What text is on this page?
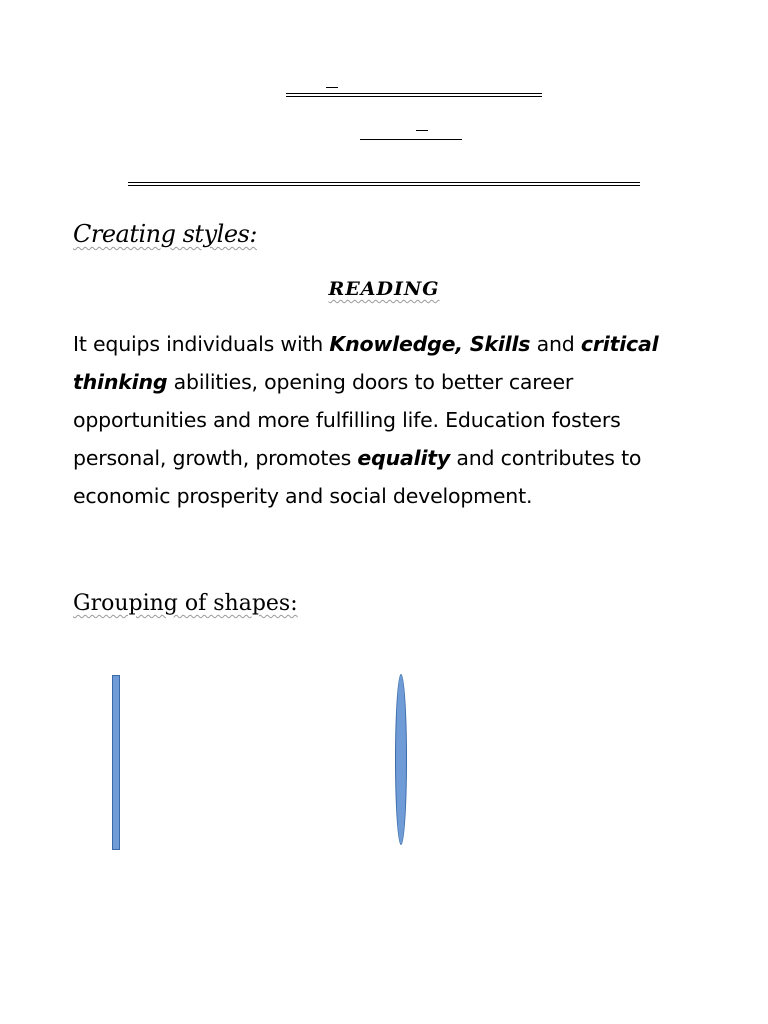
Creating styles:
READING

It equips individuals with Knowledge, Skills and critical thinking abilities, opening doors to better career opportunities and more fulfilling life. Education fosters personal, growth, promotes equality and contributes to economic prosperity and social development.

Grouping of shapes:
